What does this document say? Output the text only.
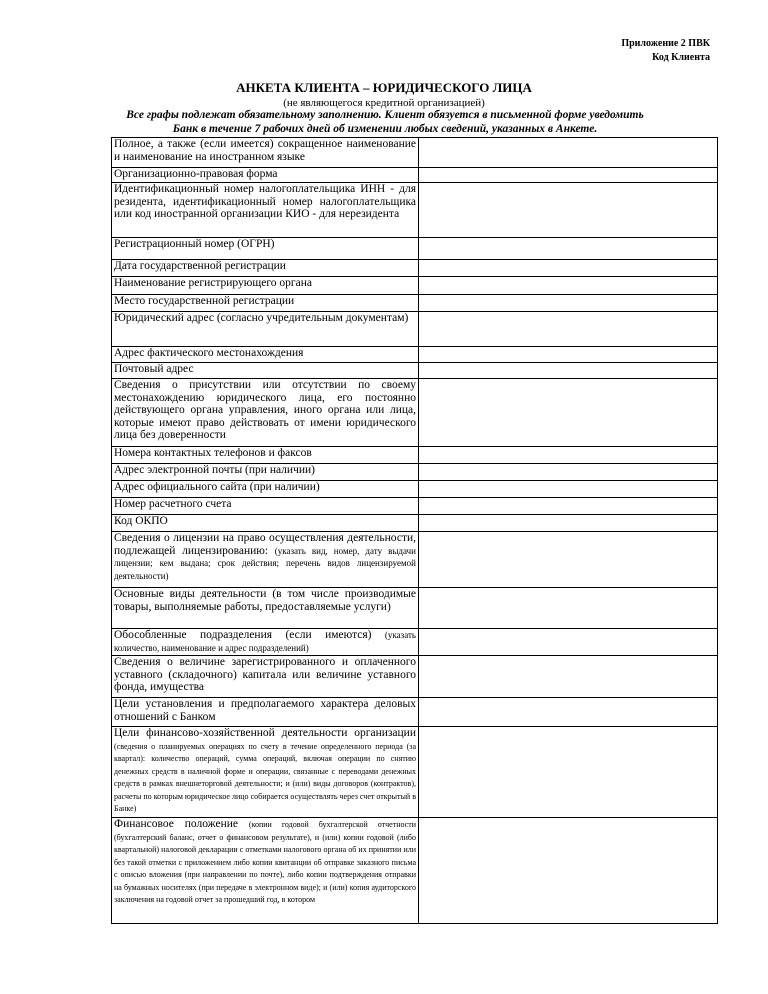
Приложение 2 ПВК
Код Клиента
АНКЕТА КЛИЕНТА – ЮРИДИЧЕСКОГО ЛИЦА
(не являющегося кредитной организацией)
Все графы подлежат обязательному заполнению. Клиент обязуется в письменной форме уведомить
Банк в течение 7 рабочих дней об изменении любых сведений, указанных в Анкете.
Полное, а также (если имеется) сокращенное наименование и наименование на иностранном языке	
Организационно-правовая форма	
Идентификационный номер налогоплательщика ИНН - для резидента, идентификационный номер налогоплательщика или код иностранной организации КИО - для нерезидента	
Регистрационный номер (ОГРН)	
Дата государственной регистрации	
Наименование регистрирующего органа	
Место государственной регистрации	
Юридический адрес (согласно учредительным документам)	
Адрес фактического местонахождения	
Почтовый адрес	
Сведения о присутствии или отсутствии по своему местонахождению юридического лица, его постоянно действующего органа управления, иного органа или лица, которые имеют право действовать от имени юридического лица без доверенности	
Номера контактных телефонов и факсов	
Адрес электронной почты (при наличии)	
Адрес официального сайта (при наличии)	
Номер расчетного счета	
Код ОКПО	
Сведения о лицензии на право осуществления деятельности, подлежащей лицензированию: (указать вид, номер, дату выдачи лицензии; кем выдана; срок действия; перечень видов лицензируемой деятельности)	
Основные виды деятельности (в том числе производимые товары, выполняемые работы, предоставляемые услуги)	
Обособленные подразделения (если имеются) (указать количество, наименование и адрес подразделений)	
Сведения о величине зарегистрированного и оплаченного уставного (складочного) капитала или величине уставного фонда, имущества	
Цели установления и предполагаемого характера деловых отношений с Банком	
Цели финансово-хозяйственной деятельности организации (сведения о планируемых операциях по счету в течение определенного периода (за квартал): количество операций, сумма операций, включая операции по снятию денежных средств в наличной форме и операции, связанные с переводами денежных средств в рамках внешнеторговой деятельности; и (или) виды договоров (контрактов), расчеты по которым юридическое лицо собирается осуществлять через счет открытый в Банке)	
Финансовое положение (копии годовой бухгалтерской отчетности (бухгалтерский баланс, отчет о финансовом результате), и (или) копии годовой (либо квартальной) налоговой декларации с отметками налогового органа об их принятии или без такой отметки с приложением либо копии квитанции об отправке заказного письма с описью вложения (при направлении по почте), либо копии подтверждения отправки на бумажных носителях (при передаче в электронном виде); и (или) копия аудиторского заключения на годовой отчет за прошедший год, в котором	
